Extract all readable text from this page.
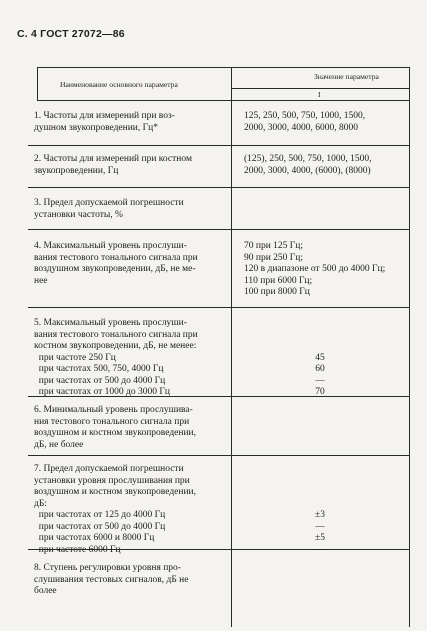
С. 4 ГОСТ 27072—86
Наименование основного параметра
Значение параметра
I
1. Частоты для измерений при воз-
душном звукопроведении, Гц*
125, 250, 500, 750, 1000, 1500,
2000, 3000, 4000, 6000, 8000
2. Частоты для измерений при костном
звукопроведении, Гц
(125), 250, 500, 750, 1000, 1500,
2000, 3000, 4000, (6000), (8000)
3. Предел допускаемой погрешности
установки частоты, %
4. Максимальный уровень прослуши-
вания тестового тонального сигнала при
воздушном звукопроведении, дБ, не ме-
нее
70 при 125 Гц;
90 при 250 Гц;
120 в диапазоне от 500 до 4000 Гц;
110 при 6000 Гц;
100 при 8000 Гц
5. Максимальный уровень прослуши-
вания тестового тонального сигнала при
костном звукопроведении, дБ, не менее:
при частоте 250 Гц
при частотах 500, 750, 4000 Гц
при частотах от 500 до 4000 Гц
при частотах от 1000 до 3000 Гц

45
60
—
70
6. Минимальный уровень прослушива-
ния тестового тонального сигнала при
воздушном и костном звукопроведении,
дБ, не более
7. Предел допускаемой погрешности
установки уровня прослушивания при
воздушном и костном звукопроведении,
дБ:
при частотах от 125 до 4000 Гц
при частотах от 500 до 4000 Гц
при частотах 6000 и 8000 Гц
при частоте 6000 Гц

±3
—
±5
—
8. Ступень регулировки уровня про-
слушивания тестовых сигналов, дБ не
более
